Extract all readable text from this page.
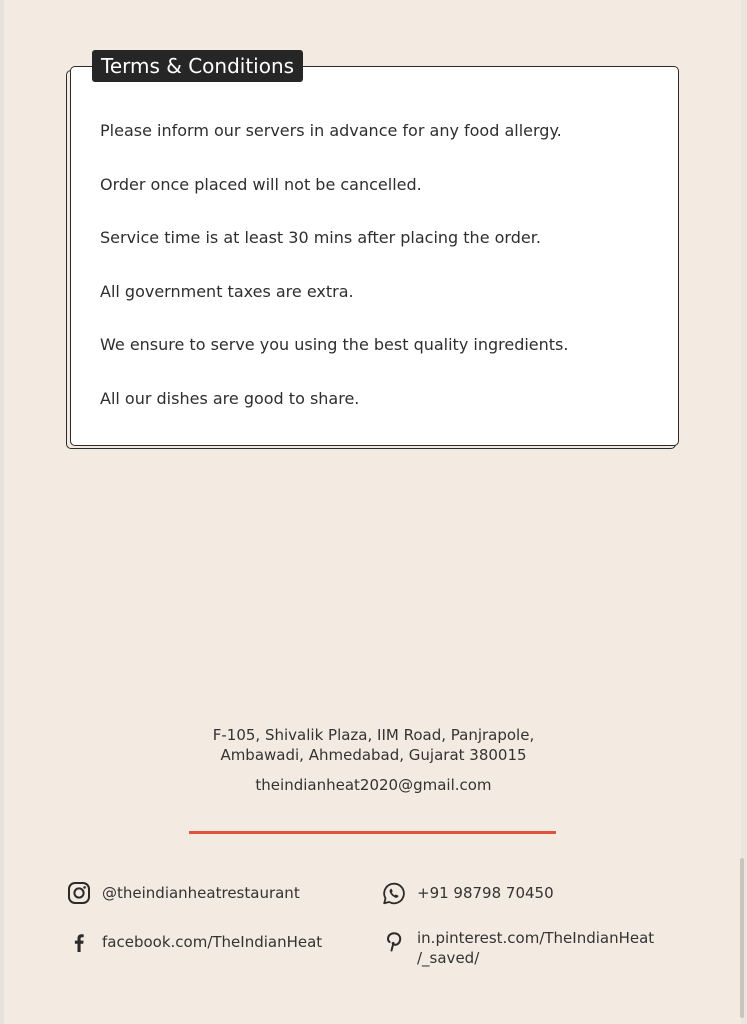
Terms & Conditions
Please inform our servers in advance for any food allergy.
Order once placed will not be cancelled.
Service time is at least 30 mins after placing the order.
All government taxes are extra.
We ensure to serve you using the best quality ingredients.
All our dishes are good to share.
F-105, Shivalik Plaza, IIM Road, Panjrapole,
Ambawadi, Ahmedabad, Gujarat 380015
theindianheat2020@gmail.com
@theindianheatrestaurant	+91 98798 70450
facebook.com/TheIndianHeat	in.pinterest.com/TheIndianHeat
/_saved/
